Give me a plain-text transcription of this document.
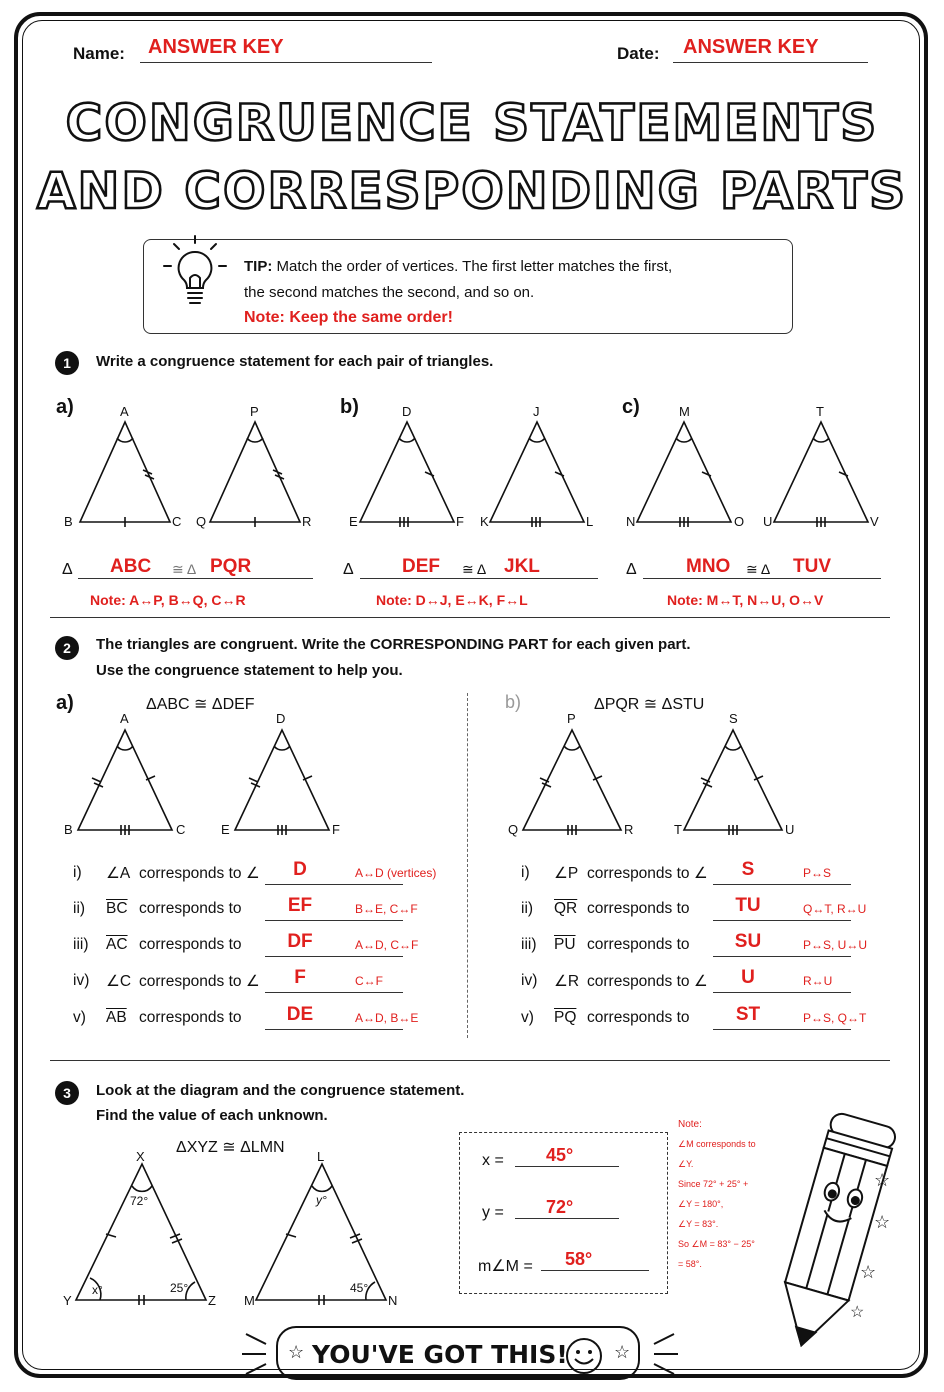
Name: ANSWER KEY	Date: ANSWER KEY
CONGRUENCE STATEMENTS
AND CORRESPONDING PARTS
TIP: Match the order of vertices. The first letter matches the first,
the second matches the second, and so on.
Note: Keep the same order!
1	Write a congruence statement for each pair of triangles.
a)	b)	c)
A
B	C
P
Q	R
D
E	F
J
K	L
M
N	O
T
U	V
Δ ABC ≅ Δ PQR
Note: A↔P, B↔Q, C↔R
Δ	DEF ≅ Δ JKL
Note: D↔J, E↔K, F↔L
Δ	MNO ≅ Δ TUV
Note: M↔T, N↔U, O↔V
2	The triangles are congruent. Write the CORRESPONDING PART for each given part.
Use the congruence statement to help you.
a)	ΔABC ≅ ΔDEF	b)	ΔPQR ≅ ΔSTU
A
B	C
D
E	F
P
Q	R
S
T	U
i) ∠A corresponds to ∠	D	A↔D (vertices)
ii) $\overline{BC}$ corresponds to	EF	B↔E, C↔F
iii) $\overline{AC}$ corresponds to	DF	A↔D, C↔F
iv) ∠C corresponds to ∠	F	C↔F
v) $\overline{AB}$ corresponds to	DE	A↔D, B↔E
i) ∠P corresponds to ∠	S	P↔S
ii) $\overline{QR}$ corresponds to	TU	Q↔T, R↔U
iii) $\overline{PU}$ corresponds to	SU	P↔S, U↔U
iv) ∠R corresponds to ∠	U	R↔U
v) $\overline{PQ}$ corresponds to	ST	P↔S, Q↔T
3	Look at the diagram and the congruence statement.
Find the value of each unknown.
ΔXYZ ≅ ΔLMN
X
Y	Z
72°
x°	25°
L
M	N
y°
45°
x = 45°
y = 72°
m∠M = 58°
Note:
∠M corresponds to
∠Y.
Since 72° + 25° +
∠Y = 180°,
∠Y = 83°.
So ∠M = 83° − 25°
= 58°.
☆
☆
☆
☆
☆ YOU'VE GOT THIS!	☆
